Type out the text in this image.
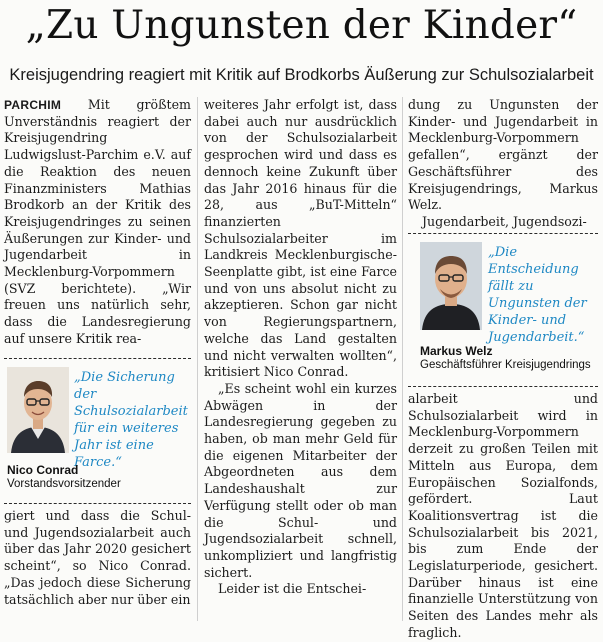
„Zu Ungunsten der Kinder“
Kreisjugendring reagiert mit Kritik auf Brodkorbs Äußerung zur Schulsozialarbeit

PARCHIM Mit größtem Unverständnis reagiert der Kreisjugendring Ludwigslust-Parchim e.V. auf die Reaktion des neuen Finanzministers Mathias Brodkorb an der Kritik des Kreisjugendringes zu seinen Äußerungen zur Kinder- und Jugendarbeit in Mecklenburg-Vorpommern (SVZ berichtete). „Wir freuen uns natürlich sehr, dass die Landesregierung auf unsere Kritik rea-

„Die Sicherung der Schulsozialarbeit für ein weiteres Jahr ist eine Farce.“
Nico Conrad
Vorstandsvorsitzender

giert und dass die Schul- und Jugendsozialarbeit auch über das Jahr 2020 gesichert scheint“, so Nico Conrad. „Das jedoch diese Sicherung tatsächlich aber nur über ein

weiteres Jahr erfolgt ist, dass dabei auch nur ausdrücklich von der Schulsozialarbeit gesprochen wird und dass es dennoch keine Zukunft über das Jahr 2016 hinaus für die 28, aus „BuT-Mitteln“ finanzierten Schulsozialarbeiter im Landkreis Mecklenburgische-Seenplatte gibt, ist eine Farce und von uns absolut nicht zu akzeptieren. Schon gar nicht von Regierungspartnern, welche das Land gestalten und nicht verwalten wollten“, kritisiert Nico Conrad.

„Es scheint wohl ein kurzes Abwägen in der Landesregierung gegeben zu haben, ob man mehr Geld für die eigenen Mitarbeiter der Abgeordneten aus dem Landeshaushalt zur Verfügung stellt oder ob man die Schul- und Jugendsozialarbeit schnell, unkompliziert und langfristig sichert.

Leider ist die Entschei-

dung zu Ungunsten der Kinder- und Jugendarbeit in Mecklenburg-Vorpommern gefallen“, ergänzt der Geschäftsführer des Kreisjugendrings, Markus Welz.

Jugendarbeit, Jugendsozi-

„Die Entscheidung fällt zu Ungunsten der Kinder- und Jugendarbeit.“
Markus Welz
Geschäftsführer Kreisjugendrings

alarbeit und Schulsozialarbeit wird in Mecklenburg-Vorpommern derzeit zu großen Teilen mit Mitteln aus Europa, dem Europäischen Sozialfonds, gefördert. Laut Koalitionsvertrag ist die Schulsozialarbeit bis 2021, bis zum Ende der Legislaturperiode, gesichert. Darüber hinaus ist eine finanzielle Unterstützung von Seiten des Landes mehr als fraglich.
